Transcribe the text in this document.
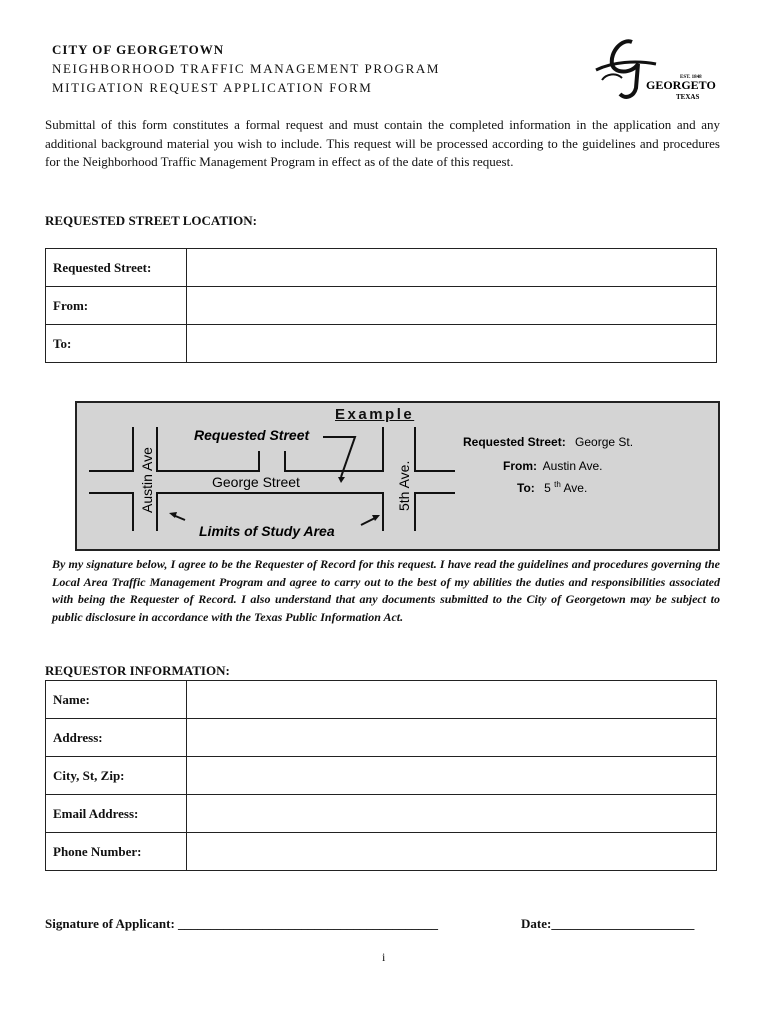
CITY OF GEORGETOWN
NEIGHBORHOOD TRAFFIC MANAGEMENT PROGRAM
MITIGATION REQUEST APPLICATION FORM
EST. 1848
GEORGETO
TEXAS
Submittal of this form constitutes a formal request and must contain the completed information in the application and any additional background material you wish to include. This request will be processed according to the guidelines and procedures for the Neighborhood Traffic Management Program in effect as of the date of this request.
REQUESTED STREET LOCATION:
Requested Street:	
From:	
To:	
Requested Street
George Street
Austin Ave	5th Ave.
Limits of Study Area
Requested Street: George St.
From: Austin Ave.
To: 5 $^{th}$ Ave.
Example
By my signature below, I agree to be the Requester of Record for this request. I have read the guidelines and procedures governing the Local Area Traffic Management Program and agree to carry out to the best of my abilities the duties and responsibilities associated with being the Requester of Record. I also understand that any documents submitted to the City of Georgetown may be subject to public disclosure in accordance with the Texas Public Information Act.
REQUESTOR INFORMATION:
Name:	
Address:	
City, St, Zip:	
Email Address:	
Phone Number:	
Signature of Applicant: ________________________________________	Date:______________________
i
